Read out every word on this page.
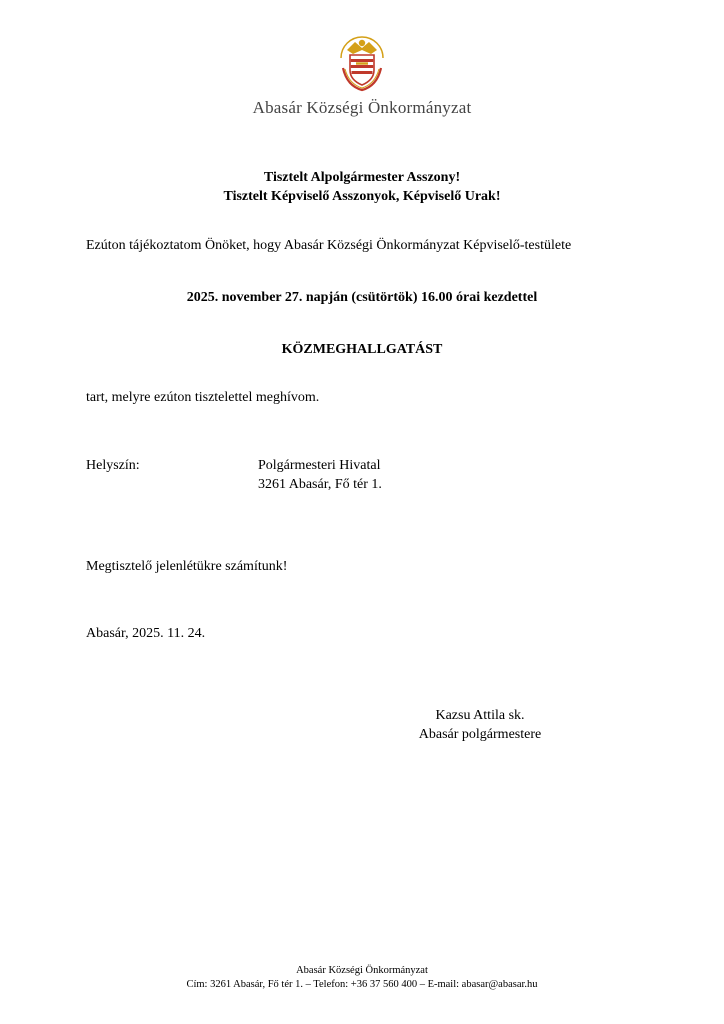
Abasár Községi Önkormányzat
Tisztelt Alpolgármester Asszony!
Tisztelt Képviselő Asszonyok, Képviselő Urak!
Ezúton tájékoztatom Önöket, hogy Abasár Községi Önkormányzat Képviselő-testülete
2025. november 27. napján (csütörtök) 16.00 órai kezdettel
KÖZMEGHALLGATÁST
tart, melyre ezúton tisztelettel meghívom.
Helyszín:	Polgármesteri Hivatal
3261 Abasár, Fő tér 1.
Megtisztelő jelenlétükre számítunk!
Abasár, 2025. 11. 24.
Kazsu Attila sk.
Abasár polgármestere
Abasár Községi Önkormányzat
Cím: 3261 Abasár, Fő tér 1. – Telefon: +36 37 560 400 – E-mail: abasar@abasar.hu
